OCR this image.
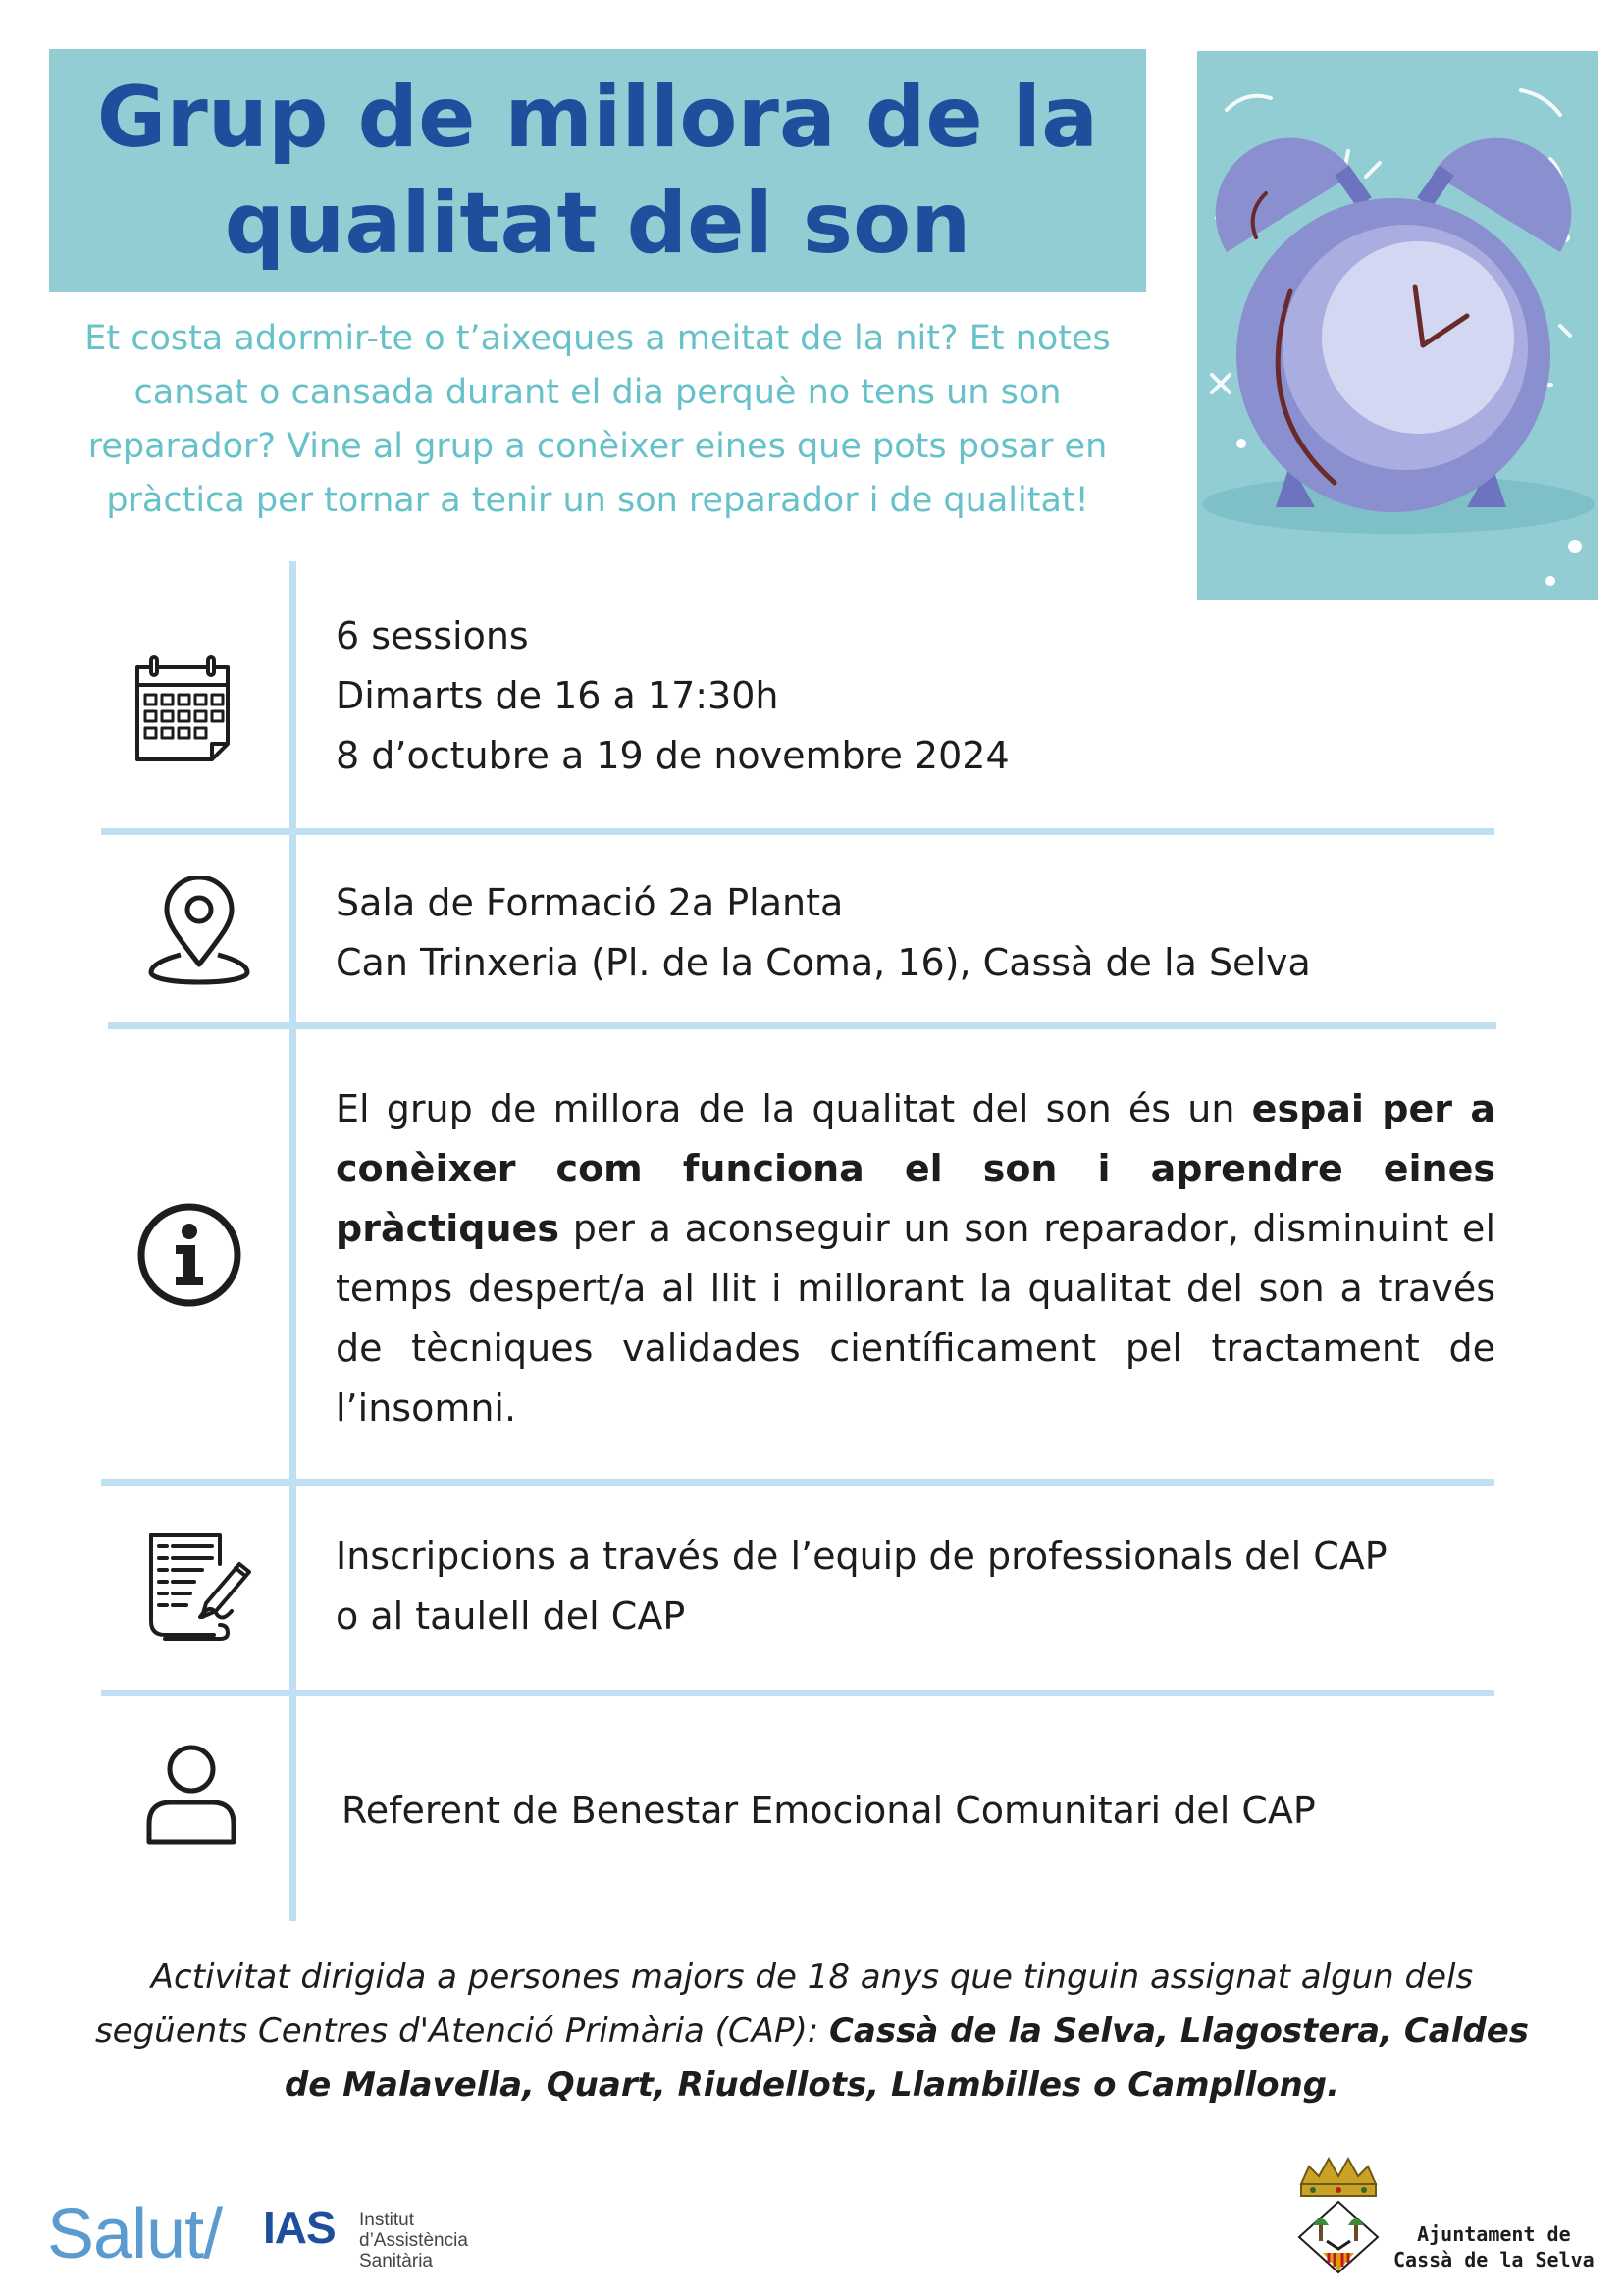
Grup de millora de la
qualitat del son
Et costa adormir-te o t’aixeques a meitat de la nit? Et notes
cansat o cansada durant el dia perquè no tens un son
reparador? Vine al grup a conèixer eines que pots posar en
pràctica per tornar a tenir un son reparador i de qualitat!
6 sessions
Dimarts de 16 a 17:30h
8 d’octubre a 19 de novembre 2024
Sala de Formació 2a Planta
Can Trinxeria (Pl. de la Coma, 16), Cassà de la Selva
El grup de millora de la qualitat del son és un espai per a conèixer com funciona el son i aprendre eines pràctiques per a aconseguir un son reparador, disminuint el temps despert/a al llit i millorant la qualitat del son a través de tècniques validades científicament pel tractament de l’insomni.
Inscripcions a través de l’equip de professionals del CAP
o al taulell del CAP
Referent de Benestar Emocional Comunitari del CAP
Activitat dirigida a persones majors de 18 anys que tinguin assignat algun dels següents Centres d'Atenció Primària (CAP): Cassà de la Selva, Llagostera, Caldes de Malavella, Quart, Riudellots, Llambilles o Campllong.
Salut/ IAS Institut
d’Assistència
Sanitària
Ajuntament de
Cassà de la Selva
